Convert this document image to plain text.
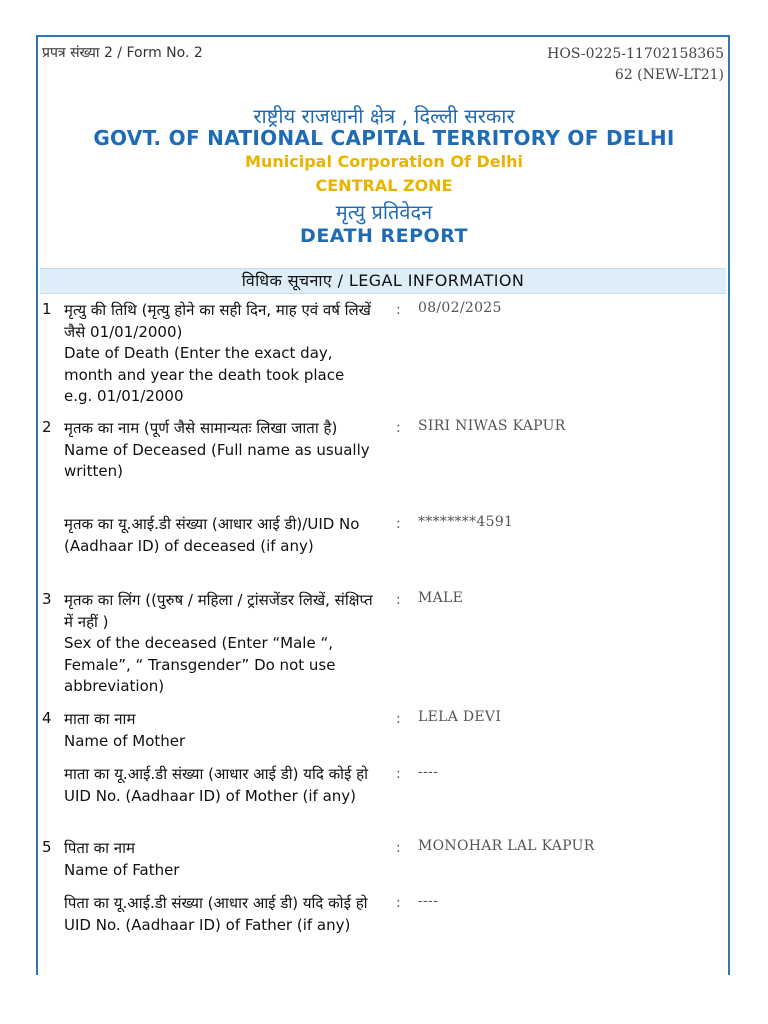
प्रपत्र संख्या 2 / Form No. 2	HOS-0225-1170215836562 (NEW-LT21)
राष्ट्रीय राजधानी क्षेत्र , दिल्ली सरकार
GOVT. OF NATIONAL CAPITAL TERRITORY OF DELHI
Municipal Corporation Of Delhi
CENTRAL ZONE
मृत्यु प्रतिवेदन
DEATH REPORT
विधिक सूचनाए / LEGAL INFORMATION
1 मृत्यु की तिथि (मृत्यु होने का सही दिन, माह एवं वर्ष लिखें जैसे 01/01/2000)
Date of Death (Enter the exact day, month and year the death took place e.g. 01/01/2000
: 08/02/2025
2 मृतक का नाम (पूर्ण जैसे सामान्यतः लिखा जाता है)
Name of Deceased (Full name as usually written)
: SIRI NIWAS KAPUR
मृतक का यू.आई.डी संख्या (आधार आई डी)/UID No (Aadhaar ID) of deceased (if any)
: ********4591
3 मृतक का लिंग ((पुरुष / महिला / ट्रांसजेंडर लिखें, संक्षिप्त में नहीं )
Sex of the deceased (Enter “Male “, Female”, “ Transgender” Do not use abbreviation)
: MALE
4 माता का नाम
Name of Mother
: LELA DEVI
माता का यू.आई.डी संख्या (आधार आई डी) यदि कोई हो
UID No. (Aadhaar ID) of Mother (if any)
: ----
5 पिता का नाम
Name of Father
: MONOHAR LAL KAPUR
पिता का यू.आई.डी संख्या (आधार आई डी) यदि कोई हो
UID No. (Aadhaar ID) of Father (if any)
: ----
